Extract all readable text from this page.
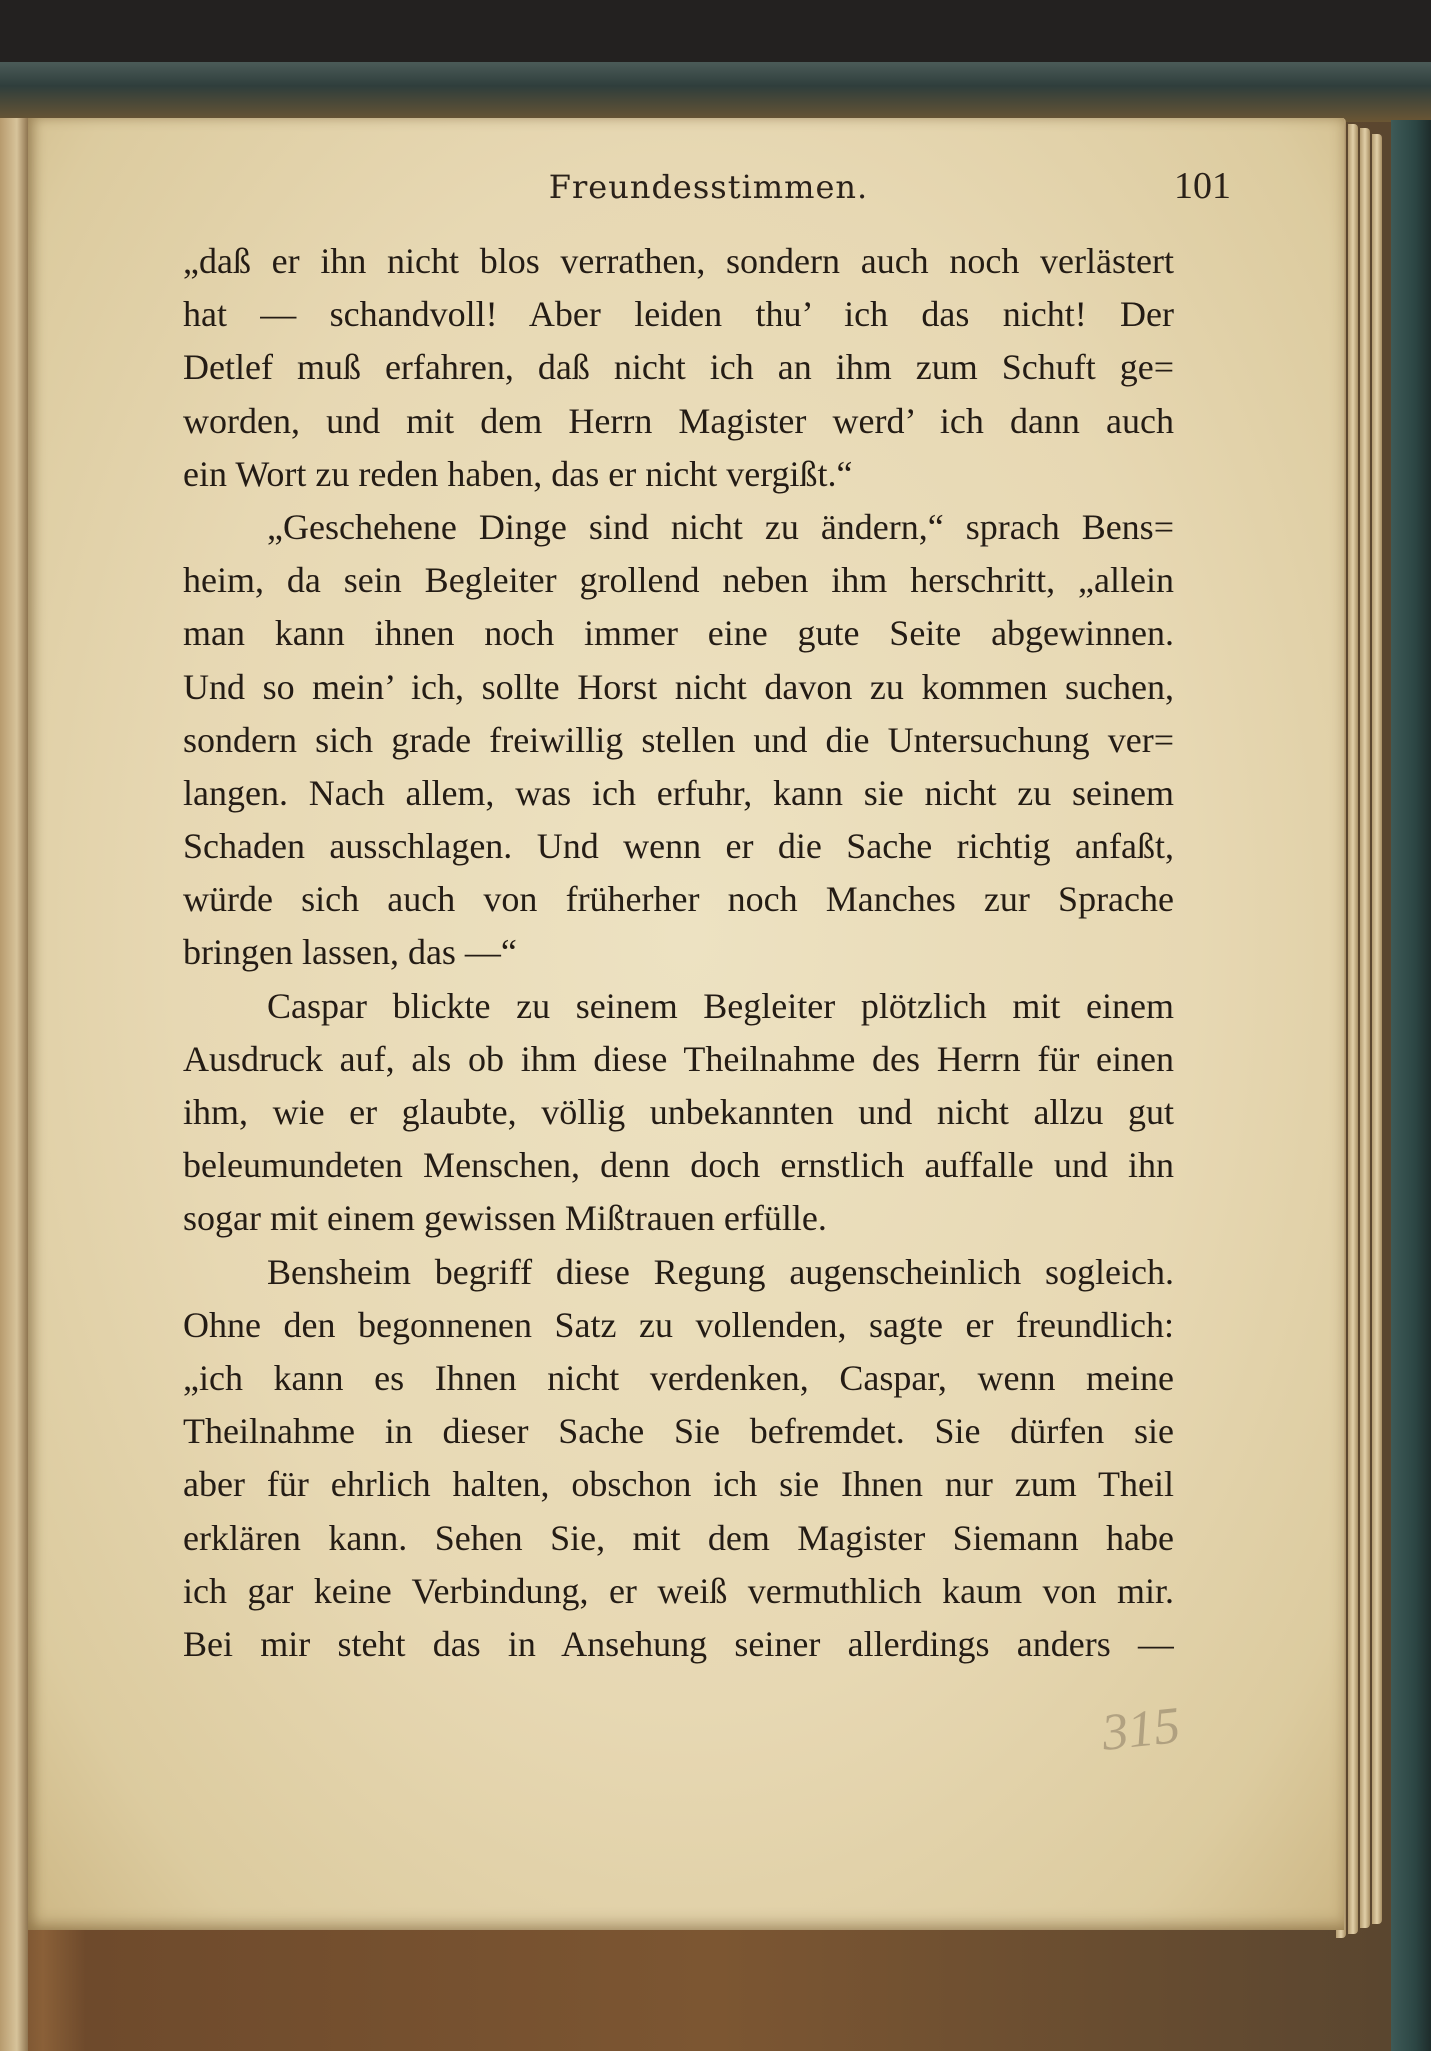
Freundesstimmen.	101
„daß er ihn nicht blos verrathen, sondern auch noch verlästert
hat — schandvoll! Aber leiden thu’ ich das nicht! Der
Detlef muß erfahren, daß nicht ich an ihm zum Schuft ge=
worden, und mit dem Herrn Magister werd’ ich dann auch
ein Wort zu reden haben, das er nicht vergißt.“
„Geschehene Dinge sind nicht zu ändern,“ sprach Bens=
heim, da sein Begleiter grollend neben ihm herschritt, „allein
man kann ihnen noch immer eine gute Seite abgewinnen.
Und so mein’ ich, sollte Horst nicht davon zu kommen suchen,
sondern sich grade freiwillig stellen und die Untersuchung ver=
langen. Nach allem, was ich erfuhr, kann sie nicht zu seinem
Schaden ausschlagen. Und wenn er die Sache richtig anfaßt,
würde sich auch von früherher noch Manches zur Sprache
bringen lassen, das —“
Caspar blickte zu seinem Begleiter plötzlich mit einem
Ausdruck auf, als ob ihm diese Theilnahme des Herrn für einen
ihm, wie er glaubte, völlig unbekannten und nicht allzu gut
beleumundeten Menschen, denn doch ernstlich auffalle und ihn
sogar mit einem gewissen Mißtrauen erfülle.
Bensheim begriff diese Regung augenscheinlich sogleich.
Ohne den begonnenen Satz zu vollenden, sagte er freundlich:
„ich kann es Ihnen nicht verdenken, Caspar, wenn meine
Theilnahme in dieser Sache Sie befremdet. Sie dürfen sie
aber für ehrlich halten, obschon ich sie Ihnen nur zum Theil
erklären kann. Sehen Sie, mit dem Magister Siemann habe
ich gar keine Verbindung, er weiß vermuthlich kaum von mir.
Bei mir steht das in Ansehung seiner allerdings anders —
315
